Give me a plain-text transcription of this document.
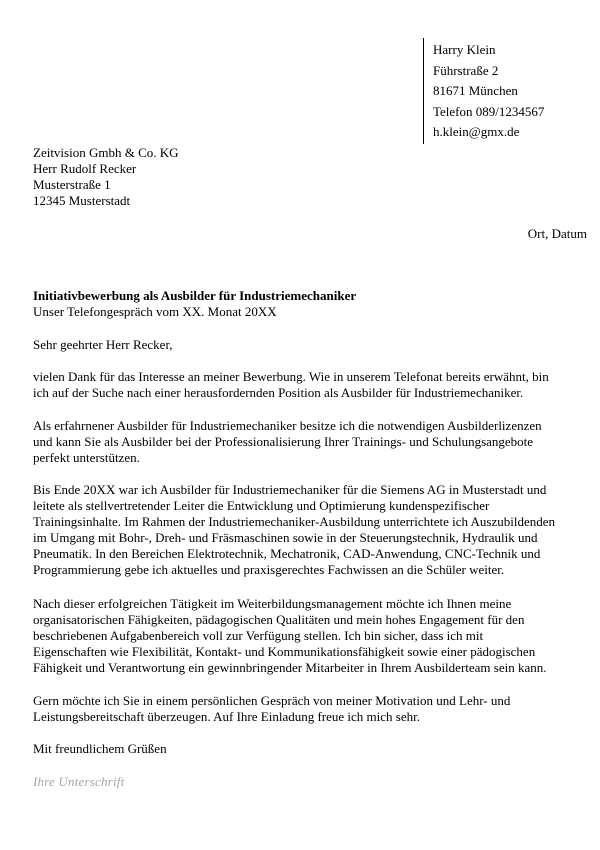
Harry Klein
Führstraße 2
81671 München
Telefon 089/1234567
h.klein@gmx.de
Zeitvision Gmbh & Co. KG
Herr Rudolf Recker
Musterstraße 1
12345 Musterstadt
Ort, Datum
Initiativbewerbung als Ausbilder für Industriemechaniker
Unser Telefongespräch vom XX. Monat 20XX
Sehr geehrter Herr Recker,
vielen Dank für das Interesse an meiner Bewerbung. Wie in unserem Telefonat bereits erwähnt, bin
ich auf der Suche nach einer herausfordernden Position als Ausbilder für Industriemechaniker.
Als erfahrnener Ausbilder für Industriemechaniker besitze ich die notwendigen Ausbilderlizenzen
und kann Sie als Ausbilder bei der Professionalisierung Ihrer Trainings- und Schulungsangebote
perfekt unterstützen.
Bis Ende 20XX war ich Ausbilder für Industriemechaniker für die Siemens AG in Musterstadt und
leitete als stellvertretender Leiter die Entwicklung und Optimierung kundenspezifischer
Trainingsinhalte. Im Rahmen der Industriemechaniker-Ausbildung unterrichtete ich Auszubildenden
im Umgang mit Bohr-, Dreh- und Fräsmaschinen sowie in der Steuerungstechnik, Hydraulik und
Pneumatik. In den Bereichen Elektrotechnik, Mechatronik, CAD-Anwendung, CNC-Technik und
Programmierung gebe ich aktuelles und praxisgerechtes Fachwissen an die Schüler weiter.
Nach dieser erfolgreichen Tätigkeit im Weiterbildungsmanagement möchte ich Ihnen meine
organisatorischen Fähigkeiten, pädagogischen Qualitäten und mein hohes Engagement für den
beschriebenen Aufgabenbereich voll zur Verfügung stellen. Ich bin sicher, dass ich mit
Eigenschaften wie Flexibilität, Kontakt- und Kommunikationsfähigkeit sowie einer pädogischen
Fähigkeit und Verantwortung ein gewinnbringender Mitarbeiter in Ihrem Ausbilderteam sein kann.
Gern möchte ich Sie in einem persönlichen Gespräch von meiner Motivation und Lehr- und
Leistungsbereitschaft überzeugen. Auf Ihre Einladung freue ich mich sehr.
Mit freundlichem Grüßen
Ihre Unterschrift
